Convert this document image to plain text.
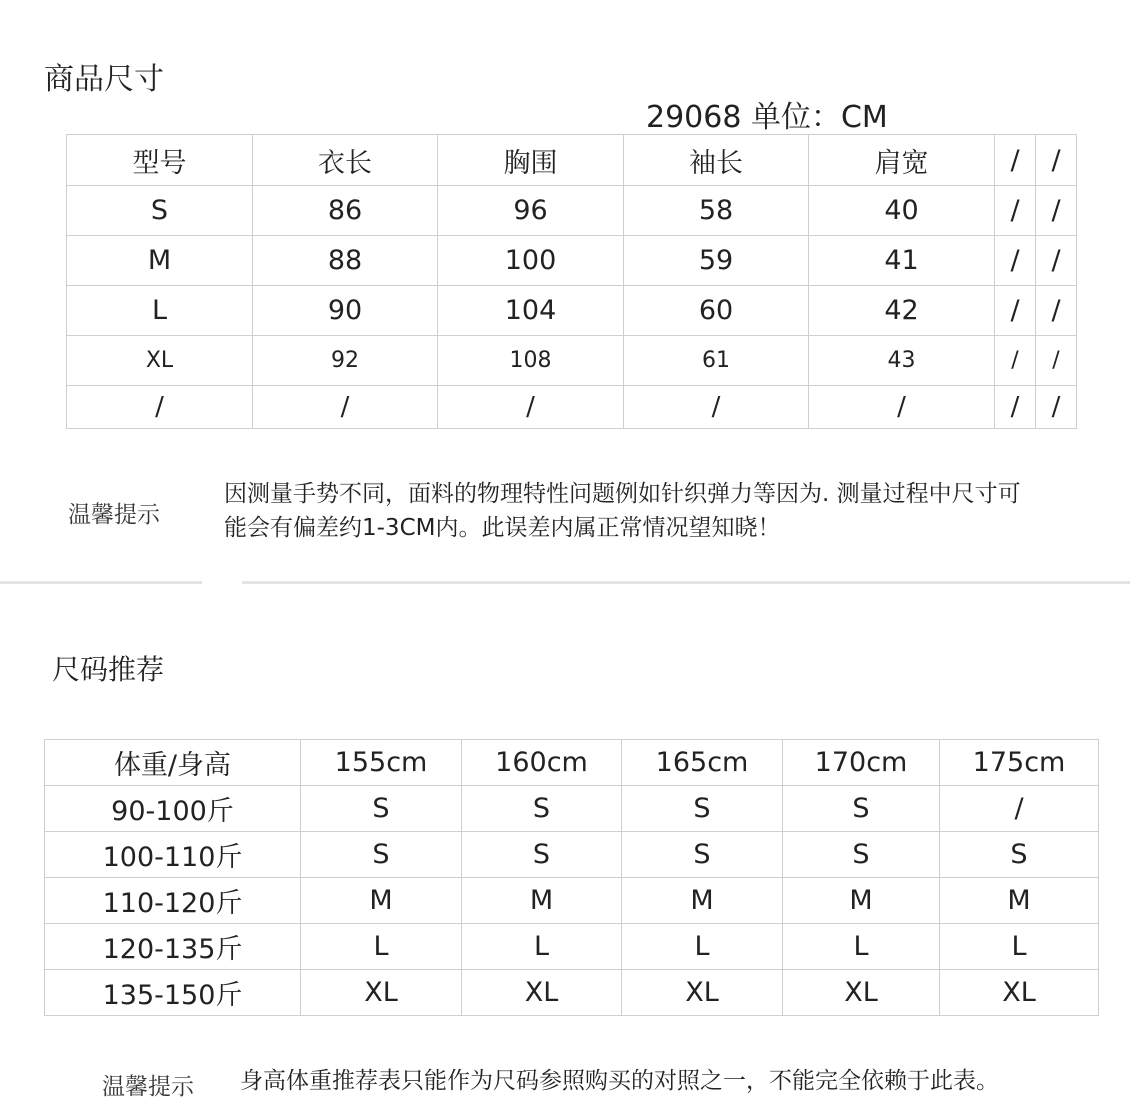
商品尺寸
29068 单位：CM
型号	衣长	胸围	袖长	肩宽	/	/
S	86	96	58	40	/	/
M	88	100	59	41	/	/
L	90	104	60	42	/	/
XL	92	108	61	43	/	/
/	/	/	/	/	/	/
温馨提示
因测量手势不同，面料的物理特性问题例如针织弹力等因为. 测量过程中尺寸可
能会有偏差约1-3CM内。此误差内属正常情况望知晓！
尺码推荐
体重/身高	155cm	160cm	165cm	170cm	175cm
90-100斤	S	S	S	S	/
100-110斤	S	S	S	S	S
110-120斤	M	M	M	M	M
120-135斤	L	L	L	L	L
135-150斤	XL	XL	XL	XL	XL
温馨提示 身高体重推荐表只能作为尺码参照购买的对照之一，不能完全依赖于此表。
